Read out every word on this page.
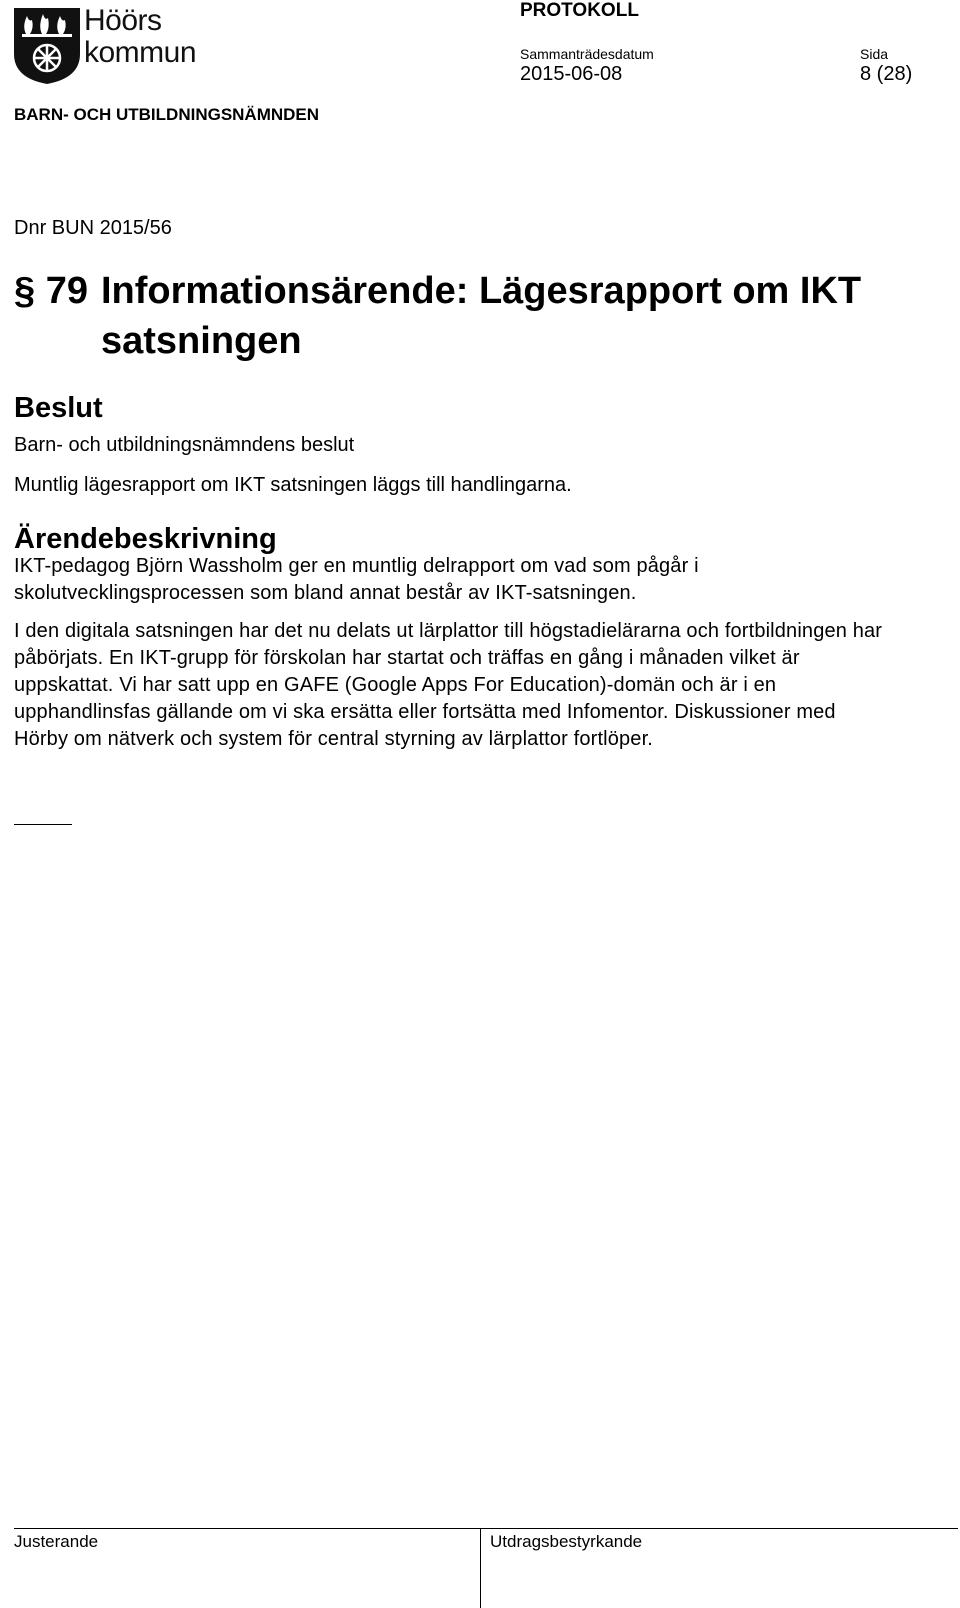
Höörs
kommun
PROTOKOLL
Sammanträdesdatum
2015-06-08
Sida
8 (28)
BARN- OCH UTBILDNINGSNÄMNDEN
Dnr BUN 2015/56
§ 79 Informationsärende: Lägesrapport om IKT satsningen
Beslut
Barn- och utbildningsnämndens beslut
Muntlig lägesrapport om IKT satsningen läggs till handlingarna.
Ärendebeskrivning
IKT-pedagog Björn Wassholm ger en muntlig delrapport om vad som pågår i skolutvecklingsprocessen som bland annat består av IKT-satsningen.
I den digitala satsningen har det nu delats ut lärplattor till högstadielärarna och fortbildningen har påbörjats. En IKT-grupp för förskolan har startat och träffas en gång i månaden vilket är uppskattat. Vi har satt upp en GAFE (Google Apps For Education)-domän och är i en upphandlinsfas gällande om vi ska ersätta eller fortsätta med Infomentor. Diskussioner med Hörby om nätverk och system för central styrning av lärplattor fortlöper.
Justerande	Utdragsbestyrkande
